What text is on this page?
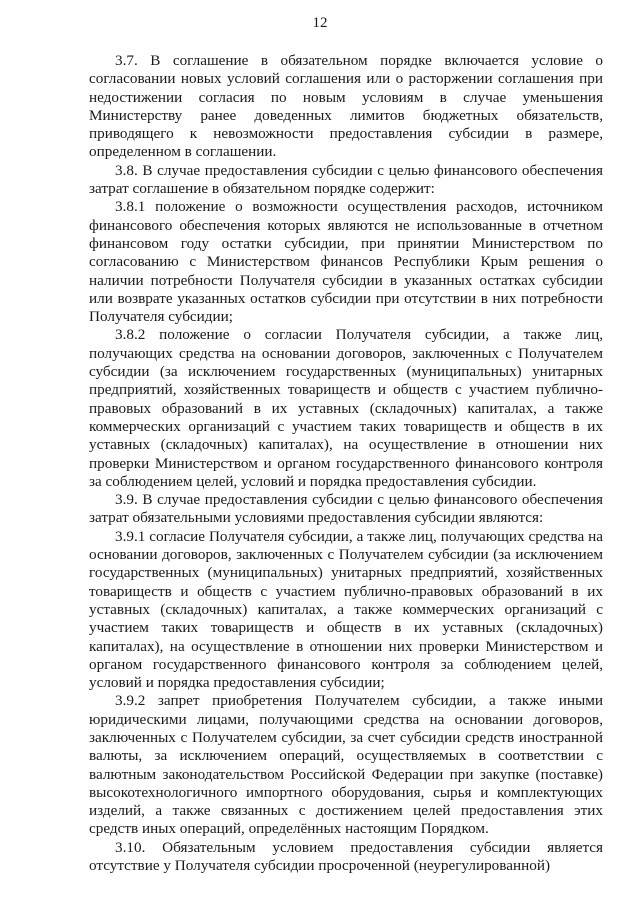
12

3.7. В соглашение в обязательном порядке включается условие о согласовании новых условий соглашения или о расторжении соглашения при недостижении согласия по новым условиям в случае уменьшения Министерству ранее доведенных лимитов бюджетных обязательств, приводящего к невозможности предоставления субсидии в размере, определенном в соглашении.

3.8. В случае предоставления субсидии с целью финансового обеспечения затрат соглашение в обязательном порядке содержит:

3.8.1 положение о возможности осуществления расходов, источником финансового обеспечения которых являются не использованные в отчетном финансовом году остатки субсидии, при принятии Министерством по согласованию с Министерством финансов Республики Крым решения о наличии потребности Получателя субсидии в указанных остатках субсидии или возврате указанных остатков субсидии при отсутствии в них потребности Получателя субсидии;

3.8.2 положение о согласии Получателя субсидии, а также лиц, получающих средства на основании договоров, заключенных с Получателем субсидии (за исключением государственных (муниципальных) унитарных предприятий, хозяйственных товариществ и обществ с участием публично-правовых образований в их уставных (складочных) капиталах, а также коммерческих организаций с участием таких товариществ и обществ в их уставных (складочных) капиталах), на осуществление в отношении них проверки Министерством и органом государственного финансового контроля за соблюдением целей, условий и порядка предоставления субсидии.

3.9. В случае предоставления субсидии с целью финансового обеспечения затрат обязательными условиями предоставления субсидии являются:

3.9.1 согласие Получателя субсидии, а также лиц, получающих средства на основании договоров, заключенных с Получателем субсидии (за исключением государственных (муниципальных) унитарных предприятий, хозяйственных товариществ и обществ с участием публично-правовых образований в их уставных (складочных) капиталах, а также коммерческих организаций с участием таких товариществ и обществ в их уставных (складочных) капиталах), на осуществление в отношении них проверки Министерством и органом государственного финансового контроля за соблюдением целей, условий и порядка предоставления субсидии;

3.9.2 запрет приобретения Получателем субсидии, а также иными юридическими лицами, получающими средства на основании договоров, заключенных с Получателем субсидии, за счет субсидии средств иностранной валюты, за исключением операций, осуществляемых в соответствии с валютным законодательством Российской Федерации при закупке (поставке) высокотехнологичного импортного оборудования, сырья и комплектующих изделий, а также связанных с достижением целей предоставления этих средств иных операций, определённых настоящим Порядком.

3.10. Обязательным условием предоставления субсидии является отсутствие у Получателя субсидии просроченной (неурегулированной)
